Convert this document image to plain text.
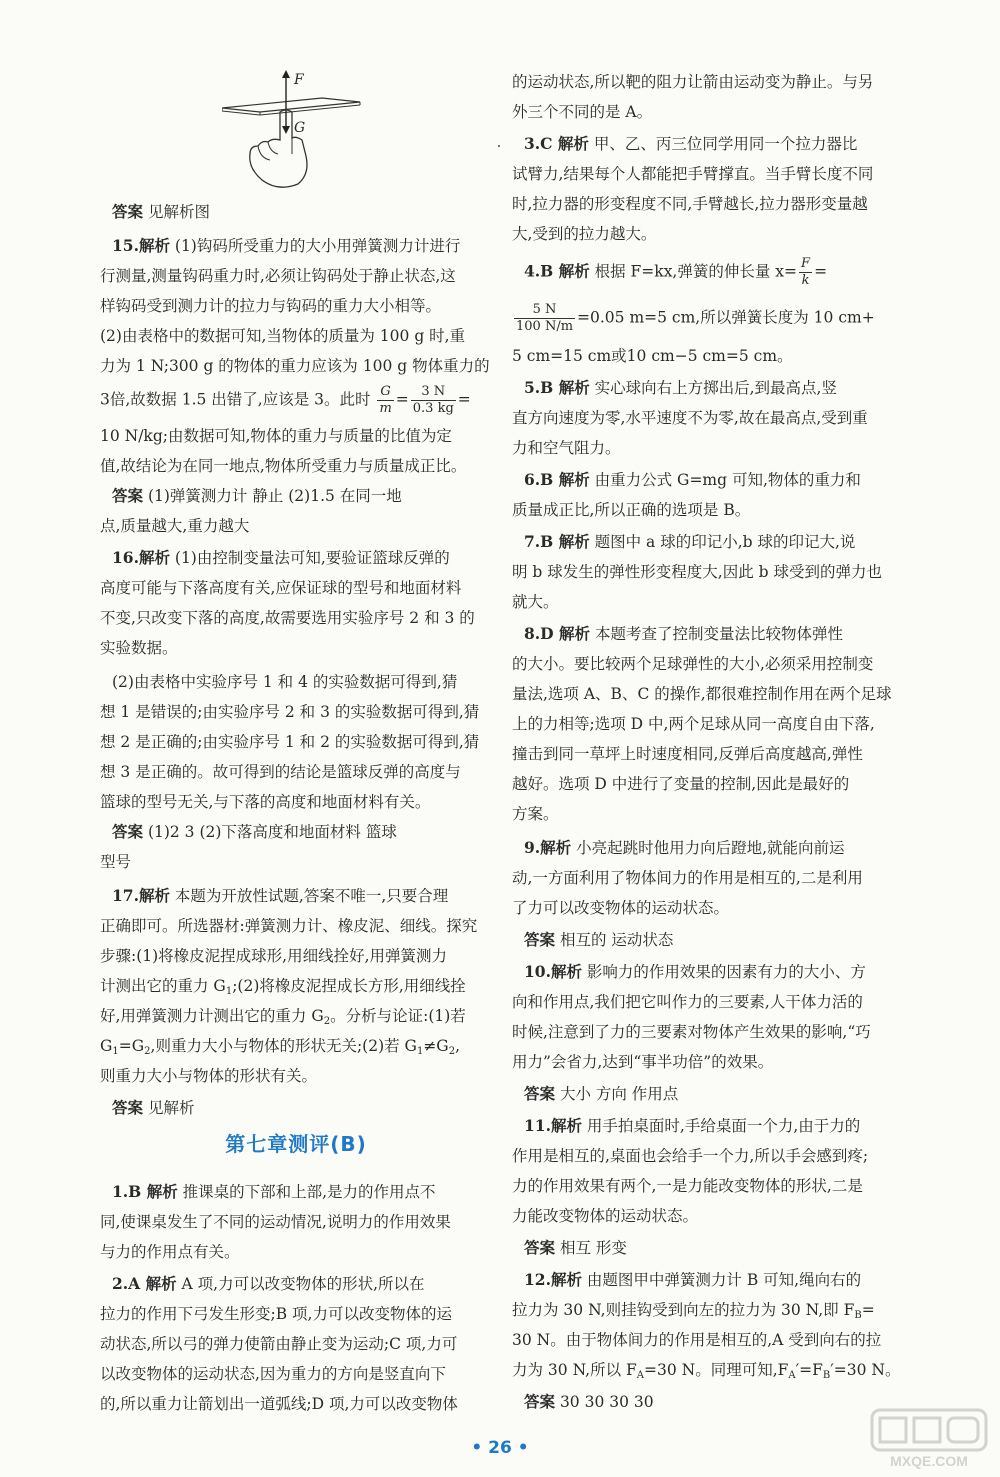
F
G
答案 见解析图
15.解析 (1)钩码所受重力的大小用弹簧测力计进行
行测量,测量钩码重力时,必须让钩码处于静止状态,这
样钩码受到测力计的拉力与钩码的重力大小相等。
(2)由表格中的数据可知,当物体的质量为 100 g 时,重
力为 1 N;300 g 的物体的重力应该为 100 g 物体重力的
3倍,故数据 1.5 出错了,应该是 3。此时 $\frac{G}{m} = \frac{3 N}{0.3 kg}$ =
10 N/kg;由数据可知,物体的重力与质量的比值为定
值,故结论为在同一地点,物体所受重力与质量成正比。
答案 (1)弹簧测力计 静止 (2)1.5 在同一地
点,质量越大,重力越大
16.解析 (1)由控制变量法可知,要验证篮球反弹的
高度可能与下落高度有关,应保证球的型号和地面材料
不变,只改变下落的高度,故需要选用实验序号 2 和 3 的
实验数据。
(2)由表格中实验序号 1 和 4 的实验数据可得到,猜
想 1 是错误的;由实验序号 2 和 3 的实验数据可得到,猜
想 2 是正确的;由实验序号 1 和 2 的实验数据可得到,猜
想 3 是正确的。故可得到的结论是篮球反弹的高度与
篮球的型号无关,与下落的高度和地面材料有关。
答案 (1)2 3 (2)下落高度和地面材料 篮球
型号
17.解析 本题为开放性试题,答案不唯一,只要合理
正确即可。所选器材:弹簧测力计、橡皮泥、细线。探究
步骤:(1)将橡皮泥捏成球形,用细线拴好,用弹簧测力
计测出它的重力 $G_1;(2)$将橡皮泥捏成长方形,用细线拴
好,用弹簧测力计测出它的重力 $G_2$。分析与论证:(1)若
$G_1=G_2$,则重力大小与物体的形状无关;(2)若 $G_1\ne G_2$,
则重力大小与物体的形状有关。
答案 见解析
第七章测评(B)
1.B 解析 推课桌的下部和上部,是力的作用点不
同,使课桌发生了不同的运动情况,说明力的作用效果
与力的作用点有关。
2.A 解析 A 项,力可以改变物体的形状,所以在
拉力的作用下弓发生形变;B 项,力可以改变物体的运
动状态,所以弓的弹力使箭由静止变为运动;C 项,力可
以改变物体的运动状态,因为重力的方向是竖直向下
的,所以重力让箭划出一道弧线;D 项,力可以改变物体
的运动状态,所以靶的阻力让箭由运动变为静止。与另
外三个不同的是 A。
3.C 解析 甲、乙、丙三位同学用同一个拉力器比
试臂力,结果每个人都能把手臂撑直。当手臂长度不同
时,拉力器的形变程度不同,手臂越长,拉力器形变量越
大,受到的拉力越大。
4.B 解析 根据 F=kx,弹簧的伸长量 $x= \frac{F}{k}$ =
$\frac{5 N}{100 N/m} =0.05$ m=5 cm,所以弹簧长度为 10 cm+
5 cm=15 cm或10 cm−5 cm=5 cm。
5.B 解析 实心球向右上方掷出后,到最高点,竖
直方向速度为零,水平速度不为零,故在最高点,受到重
力和空气阻力。
6.B 解析 由重力公式 G=mg 可知,物体的重力和
质量成正比,所以正确的选项是 B。
7.B 解析 题图中 a 球的印记小,b 球的印记大,说
明 b 球发生的弹性形变程度大,因此 b 球受到的弹力也
就大。
8.D 解析 本题考查了控制变量法比较物体弹性
的大小。要比较两个足球弹性的大小,必须采用控制变
量法,选项 A、B、C 的操作,都很难控制作用在两个足球
上的力相等;选项 D 中,两个足球从同一高度自由下落,
撞击到同一草坪上时速度相同,反弹后高度越高,弹性
越好。选项 D 中进行了变量的控制,因此是最好的
方案。
9.解析 小亮起跳时他用力向后蹬地,就能向前运
动,一方面利用了物体间力的作用是相互的,二是利用
了力可以改变物体的运动状态。
答案 相互的 运动状态
10.解析 影响力的作用效果的因素有力的大小、方
向和作用点,我们把它叫作力的三要素,人干体力活的
时候,注意到了力的三要素对物体产生效果的影响,“巧
用力”会省力,达到“事半功倍”的效果。
答案 大小 方向 作用点
11.解析 用手拍桌面时,手给桌面一个力,由于力的
作用是相互的,桌面也会给手一个力,所以手会感到疼;
力的作用效果有两个,一是力能改变物体的形状,二是
力能改变物体的运动状态。
答案 相互 形变
12.解析 由题图甲中弹簧测力计 B 可知,绳向右的
拉力为 30 N,则挂钩受到向左的拉力为 30 N,即 $F_B=$
30 N。由于物体间力的作用是相互的,A 受到向右的拉
力为 30 N,所以 $F_A=30$ N。同理可知$,F_A'=F_B'=30$ N。
答案 30 30 30 30
• 26 •
MXQE.COM
